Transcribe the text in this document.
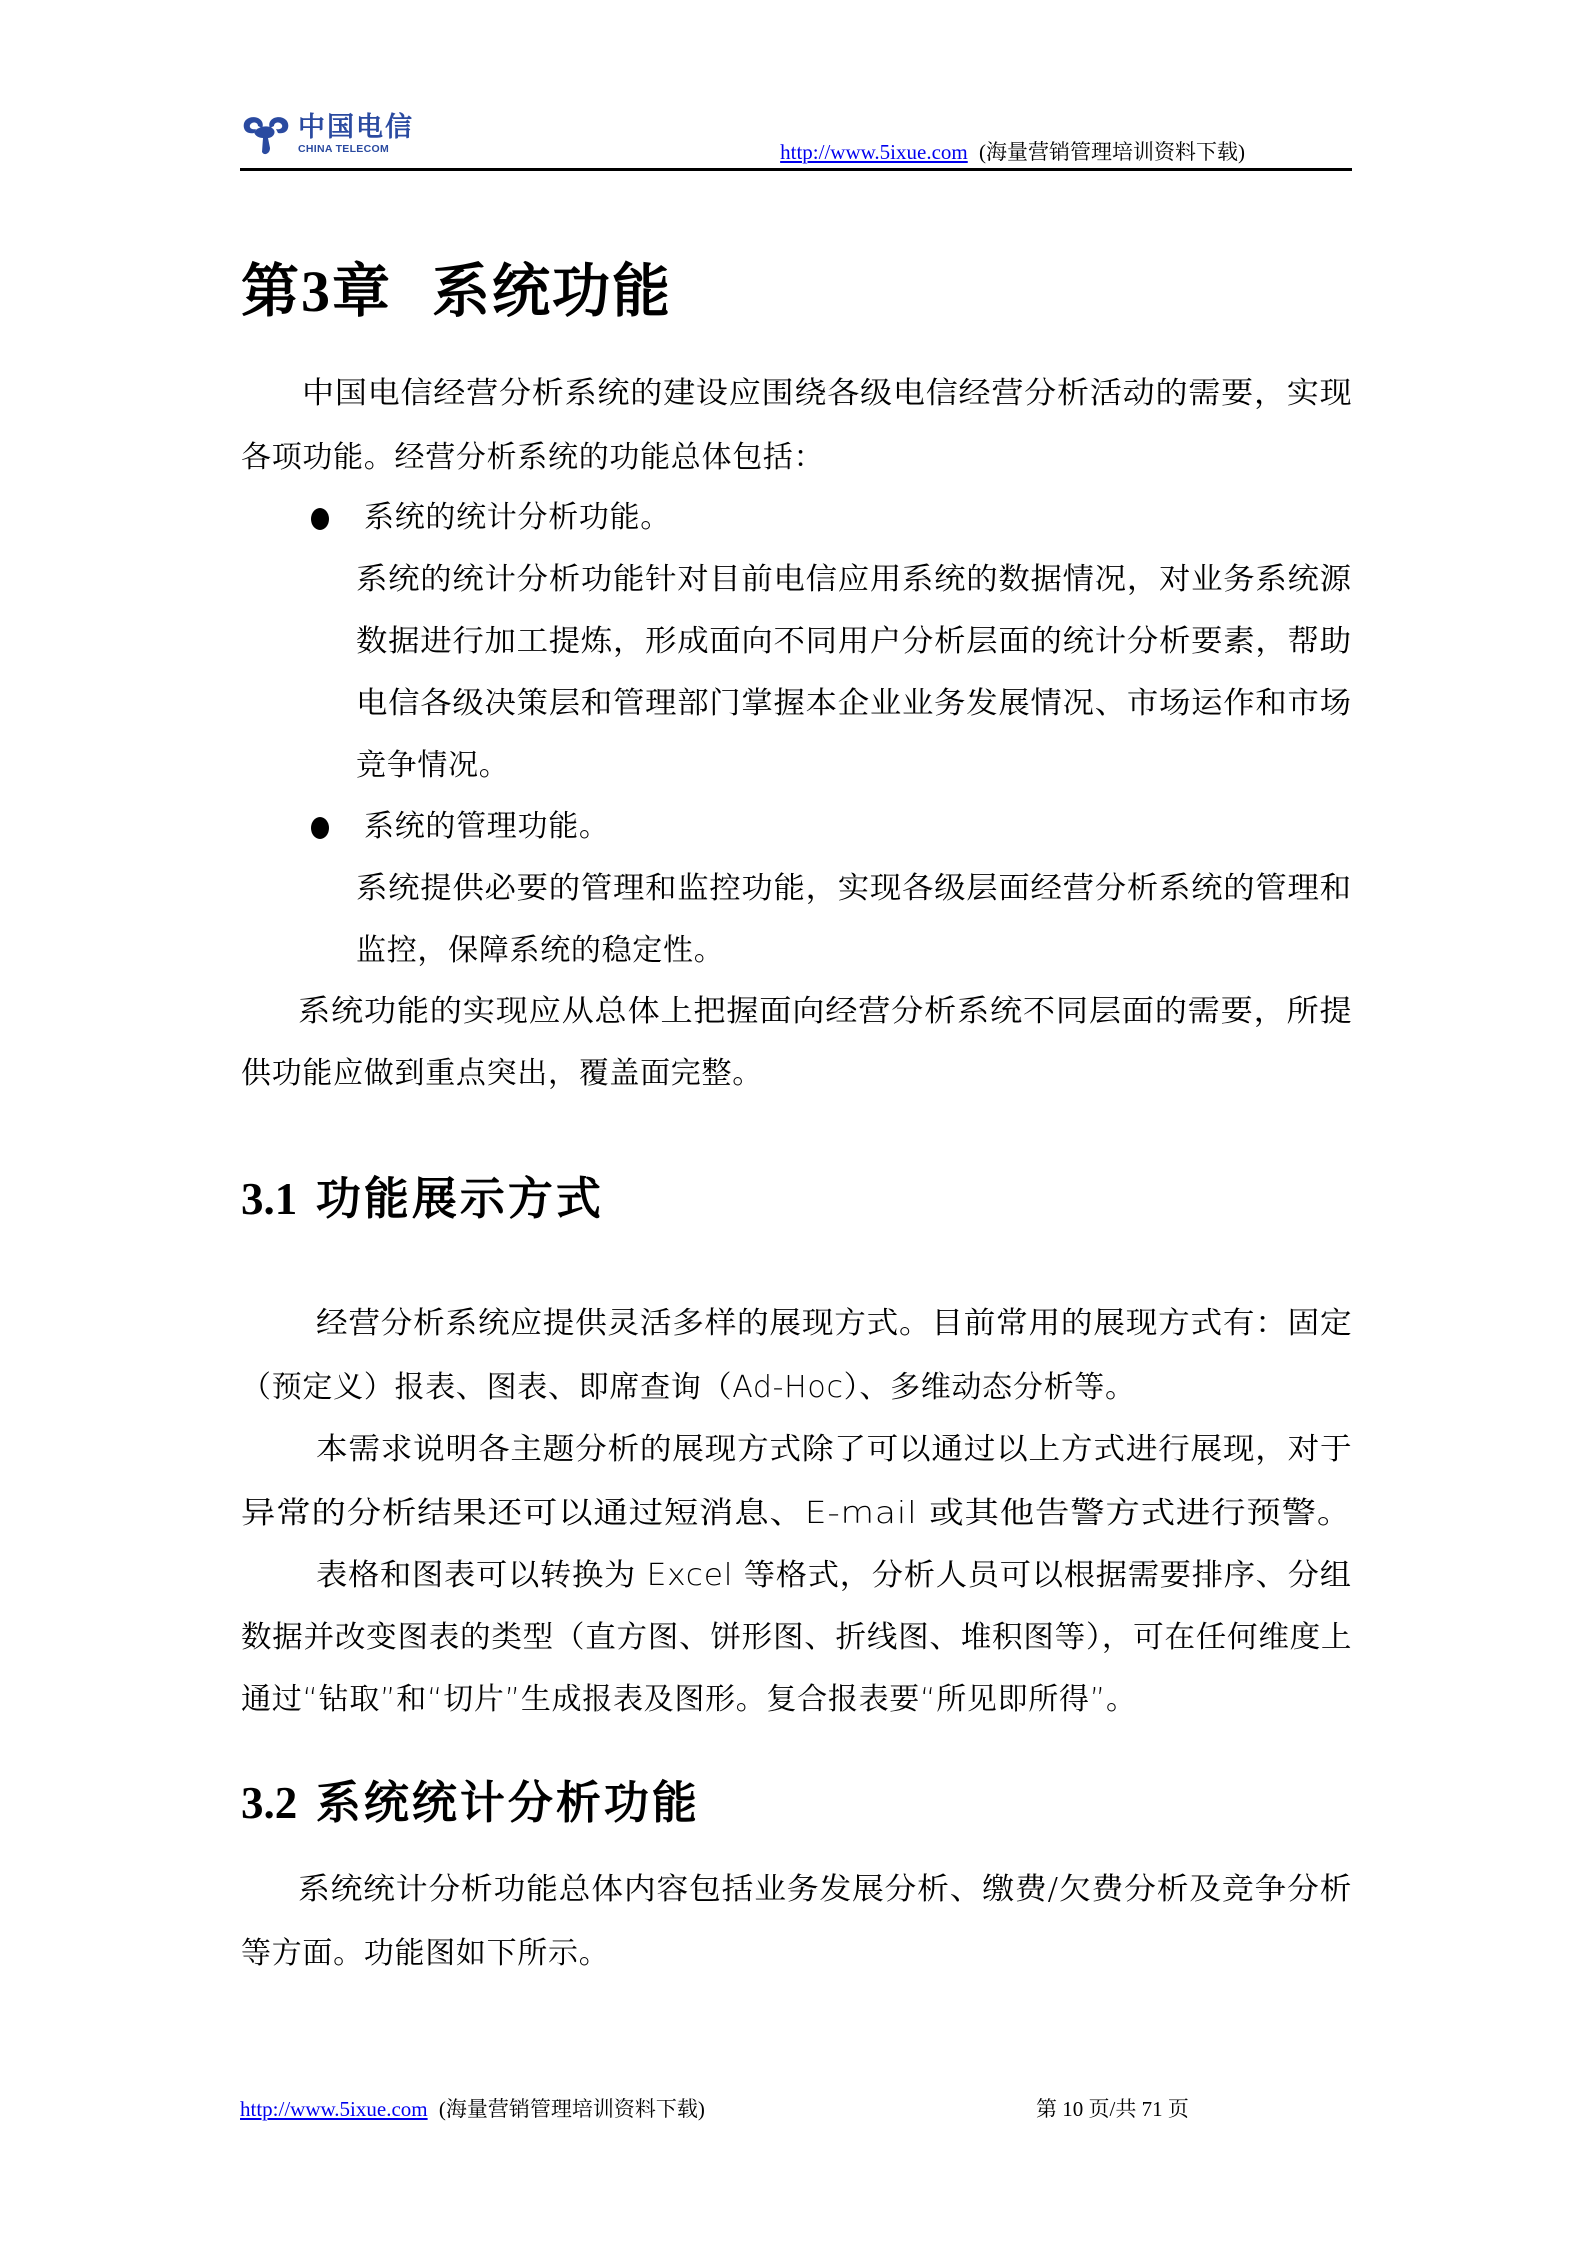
中国电信
CHINA TELECOM	http://www.5ixue.com (海量营销管理培训资料下载)
第3章 系统功能
中国电信经营分析系统的建设应围绕各级电信经营分析活动的需要，实现
各项功能。经营分析系统的功能总体包括：
系统的统计分析功能。
系统的统计分析功能针对目前电信应用系统的数据情况，对业务系统源
数据进行加工提炼，形成面向不同用户分析层面的统计分析要素，帮助
电信各级决策层和管理部门掌握本企业业务发展情况、市场运作和市场
竞争情况。
系统的管理功能。
系统提供必要的管理和监控功能，实现各级层面经营分析系统的管理和
监控，保障系统的稳定性。
系统功能的实现应从总体上把握面向经营分析系统不同层面的需要，所提
供功能应做到重点突出，覆盖面完整。
3.1 功能展示方式
经营分析系统应提供灵活多样的展现方式。目前常用的展现方式有：固定
（预定义）报表、图表、即席查询（Ad-Hoc）、多维动态分析等。
本需求说明各主题分析的展现方式除了可以通过以上方式进行展现，对于
异常的分析结果还可以通过短消息、E-mail 或其他告警方式进行预警。
表格和图表可以转换为 Excel 等格式，分析人员可以根据需要排序、分组
数据并改变图表的类型（直方图、饼形图、折线图、堆积图等），可在任何维度上
通过“钻取”和“切片”生成报表及图形。复合报表要“所见即所得”。
3.2 系统统计分析功能
系统统计分析功能总体内容包括业务发展分析、缴费/欠费分析及竞争分析
等方面。功能图如下所示。
http://www.5ixue.com (海量营销管理培训资料下载)	第 10 页/共 71 页
